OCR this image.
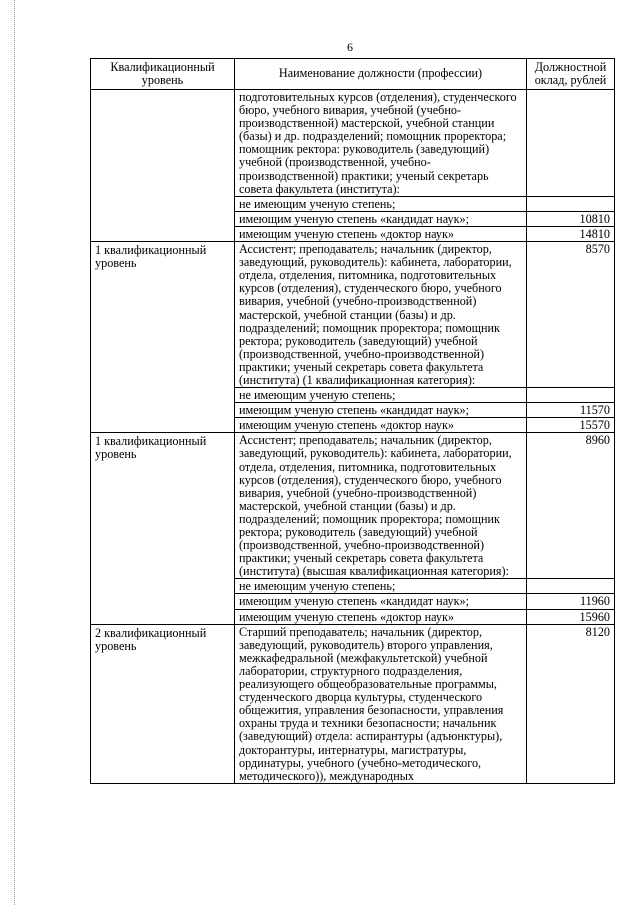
6
Квалификационный уровень	Наименование должности (профессии)	Должностной оклад, рублей
	подготовительных курсов (отделения), студенческого бюро, учебного вивария, учебной (учебно-производственной) мастерской, учебной станции (базы) и др. подразделений; помощник проректора; помощник ректора: руководитель (заведующий) учебной (производственной, учебно-производственной) практики; ученый секретарь совета факультета (института):	
	не имеющим ученую степень;	
	имеющим ученую степень «кандидат наук»;	10810
	имеющим ученую степень «доктор наук»	14810
1 квалификационный уровень	Ассистент; преподаватель; начальник (директор, заведующий, руководитель): кабинета, лаборатории, отдела, отделения, питомника, подготовительных курсов (отделения), студенческого бюро, учебного вивария, учебной (учебно-производственной) мастерской, учебной станции (базы) и др. подразделений; помощник проректора; помощник ректора; руководитель (заведующий) учебной (производственной, учебно-производственной) практики; ученый секретарь совета факультета (института) (1 квалификационная категория):	8570
	не имеющим ученую степень;	
	имеющим ученую степень «кандидат наук»;	11570
	имеющим ученую степень «доктор наук»	15570
1 квалификационный уровень	Ассистент; преподаватель; начальник (директор, заведующий, руководитель): кабинета, лаборатории, отдела, отделения, питомника, подготовительных курсов (отделения), студенческого бюро, учебного вивария, учебной (учебно-производственной) мастерской, учебной станции (базы) и др. подразделений; помощник проректора; помощник ректора; руководитель (заведующий) учебной (производственной, учебно-производственной) практики; ученый секретарь совета факультета (института) (высшая квалификационная категория):	8960
	не имеющим ученую степень;	
	имеющим ученую степень «кандидат наук»;	11960
	имеющим ученую степень «доктор наук»	15960
2 квалификационный уровень	Старший преподаватель; начальник (директор, заведующий, руководитель) второго управления, межкафедральной (межфакультетской) учебной лаборатории, структурного подразделения, реализующего общеобразовательные программы, студенческого дворца культуры, студенческого общежития, управления безопасности, управления охраны труда и техники безопасности; начальник (заведующий) отдела: аспирантуры (адъюнктуры), докторантуры, интернатуры, магистратуры, ординатуры, учебного (учебно-методического, методического)), международных	8120
